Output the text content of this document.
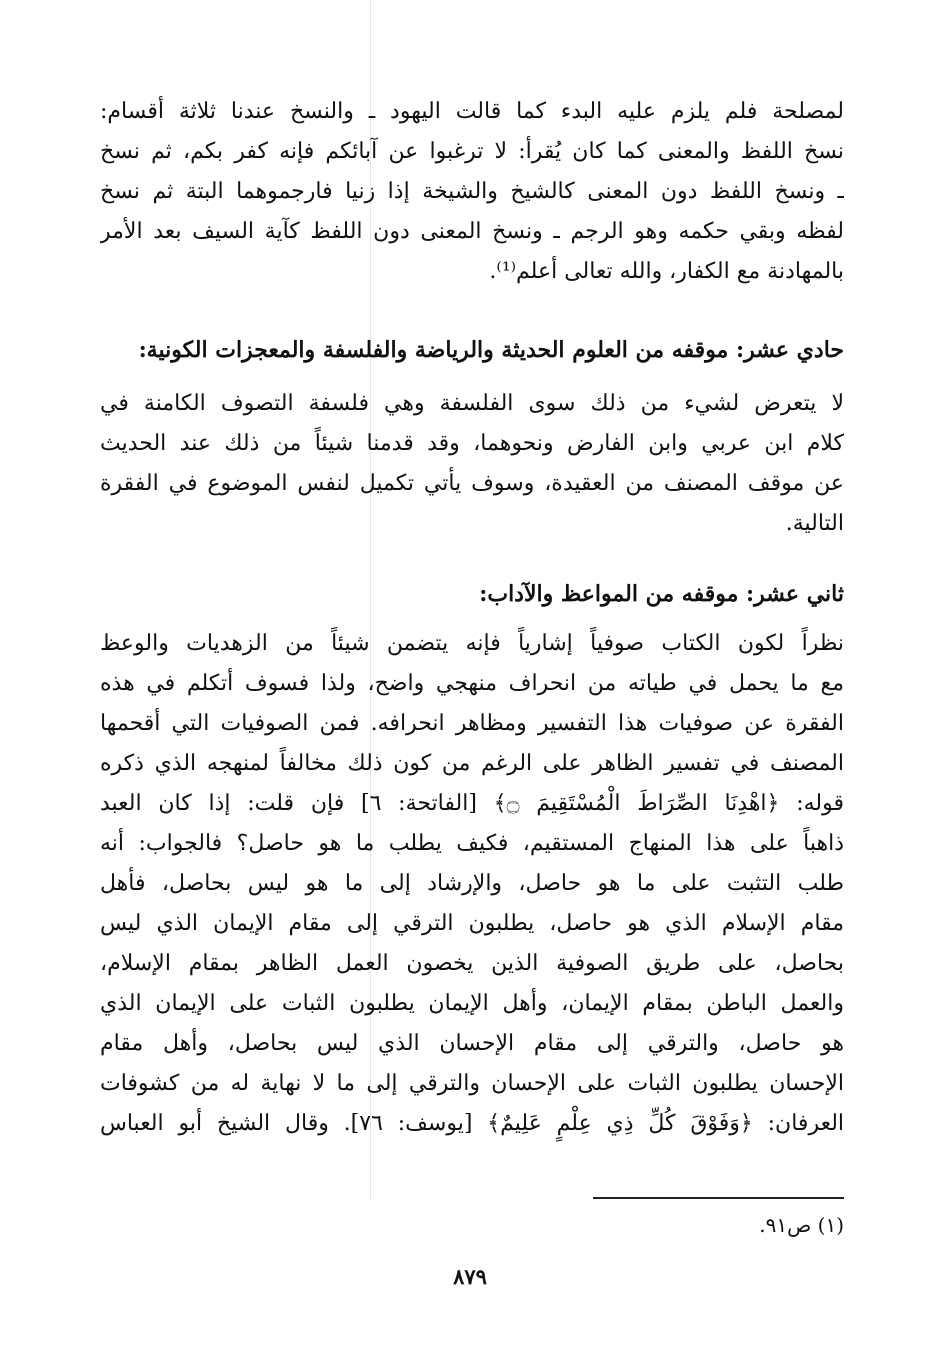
لمصلحة فلم يلزم عليه البدء كما قالت اليهود ـ والنسخ عندنا ثلاثة أقسام:
نسخ اللفظ والمعنى كما كان يُقرأ: لا ترغبوا عن آبائكم فإنه كفر بكم، ثم نسخ
ـ ونسخ اللفظ دون المعنى كالشيخ والشيخة إذا زنيا فارجموهما البتة ثم نسخ
لفظه وبقي حكمه وهو الرجم ـ ونسخ المعنى دون اللفظ كآية السيف بعد الأمر
بالمهادنة مع الكفار، والله تعالى أعلم⁽¹⁾.
حادي عشر: موقفه من العلوم الحديثة والرياضة والفلسفة والمعجزات الكونية:
لا يتعرض لشيء من ذلك سوى الفلسفة وهي فلسفة التصوف الكامنة في
كلام ابن عربي وابن الفارض ونحوهما، وقد قدمنا شيئاً من ذلك عند الحديث
عن موقف المصنف من العقيدة، وسوف يأتي تكميل لنفس الموضوع في الفقرة
التالية.
ثاني عشر: موقفه من المواعظ والآداب:
نظراً لكون الكتاب صوفياً إشارياً فإنه يتضمن شيئاً من الزهديات والوعظ
مع ما يحمل في طياته من انحراف منهجي واضح، ولذا فسوف أتكلم في هذه
الفقرة عن صوفيات هذا التفسير ومظاهر انحرافه. فمن الصوفيات التي أقحمها
المصنف في تفسير الظاهر على الرغم من كون ذلك مخالفاً لمنهجه الذي ذكره
قوله: ﴿اهْدِنَا الصِّرَاطَ الْمُسْتَقِيمَ ۝﴾ [الفاتحة: ٦] فإن قلت: إذا كان العبد
ذاهباً على هذا المنهاج المستقيم، فكيف يطلب ما هو حاصل؟ فالجواب: أنه
طلب التثبت على ما هو حاصل، والإرشاد إلى ما هو ليس بحاصل، فأهل
مقام الإسلام الذي هو حاصل، يطلبون الترقي إلى مقام الإيمان الذي ليس
بحاصل، على طريق الصوفية الذين يخصون العمل الظاهر بمقام الإسلام،
والعمل الباطن بمقام الإيمان، وأهل الإيمان يطلبون الثبات على الإيمان الذي
هو حاصل، والترقي إلى مقام الإحسان الذي ليس بحاصل، وأهل مقام
الإحسان يطلبون الثبات على الإحسان والترقي إلى ما لا نهاية له من كشوفات
العرفان: ﴿وَفَوْقَ كُلِّ ذِي عِلْمٍ عَلِيمٌ﴾ [يوسف: ٧٦]. وقال الشيخ أبو العباس
(١) ص٩١.
٨٧٩
